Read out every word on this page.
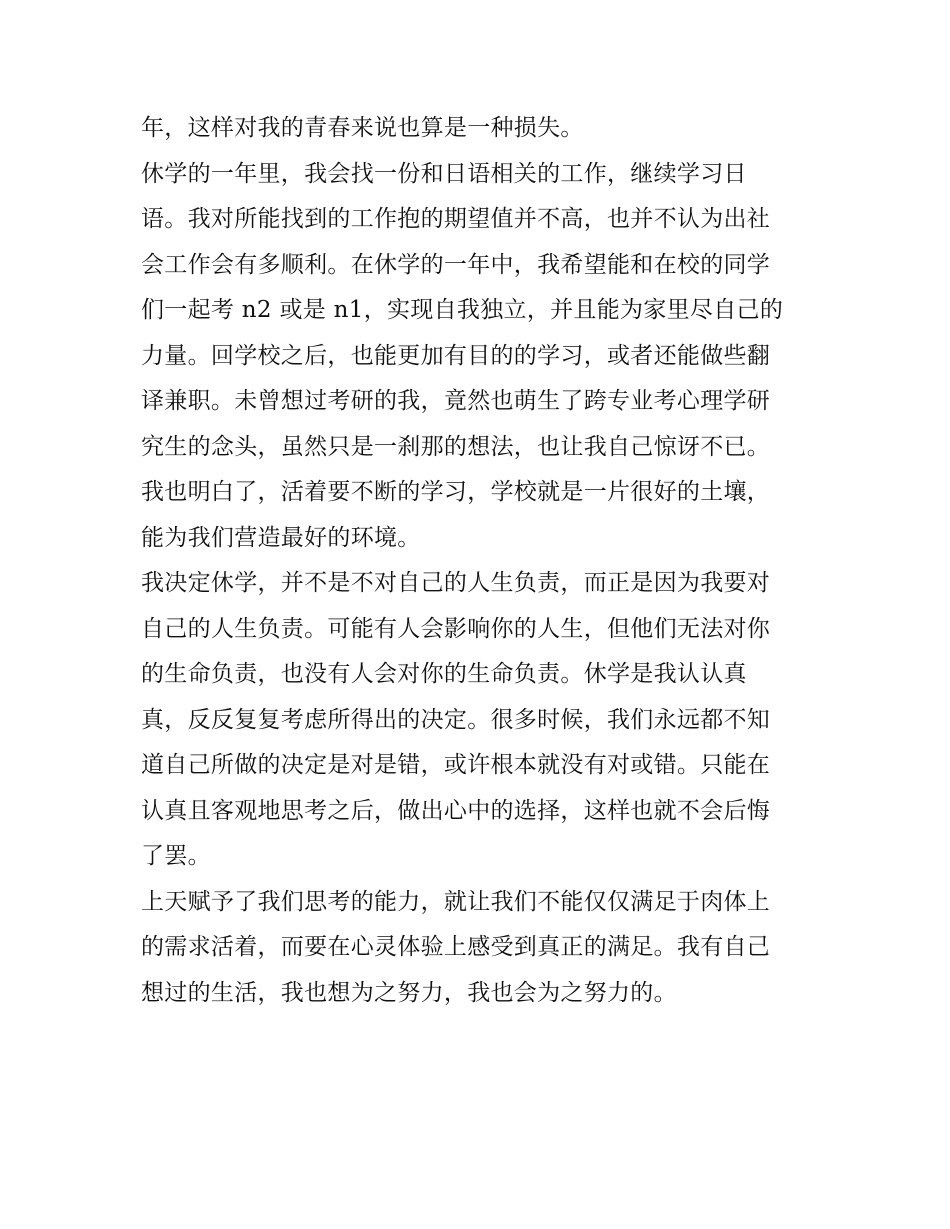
年，这样对我的青春来说也算是一种损失。

休学的一年里，我会找一份和日语相关的工作，继续学习日

语。我对所能找到的工作抱的期望值并不高，也并不认为出社

会工作会有多顺利。在休学的一年中，我希望能和在校的同学

们一起考 n2 或是 n1，实现自我独立，并且能为家里尽自己的

力量。回学校之后，也能更加有目的的学习，或者还能做些翻

译兼职。未曾想过考研的我，竟然也萌生了跨专业考心理学研

究生的念头，虽然只是一刹那的想法，也让我自己惊讶不已。

我也明白了，活着要不断的学习，学校就是一片很好的土壤，

能为我们营造最好的环境。

我决定休学，并不是不对自己的人生负责，而正是因为我要对

自己的人生负责。可能有人会影响你的人生，但他们无法对你

的生命负责，也没有人会对你的生命负责。休学是我认认真

真，反反复复考虑所得出的决定。很多时候，我们永远都不知

道自己所做的决定是对是错，或许根本就没有对或错。只能在

认真且客观地思考之后，做出心中的选择，这样也就不会后悔

了罢。

上天赋予了我们思考的能力，就让我们不能仅仅满足于肉体上

的需求活着，而要在心灵体验上感受到真正的满足。我有自己

想过的生活，我也想为之努力，我也会为之努力的。
